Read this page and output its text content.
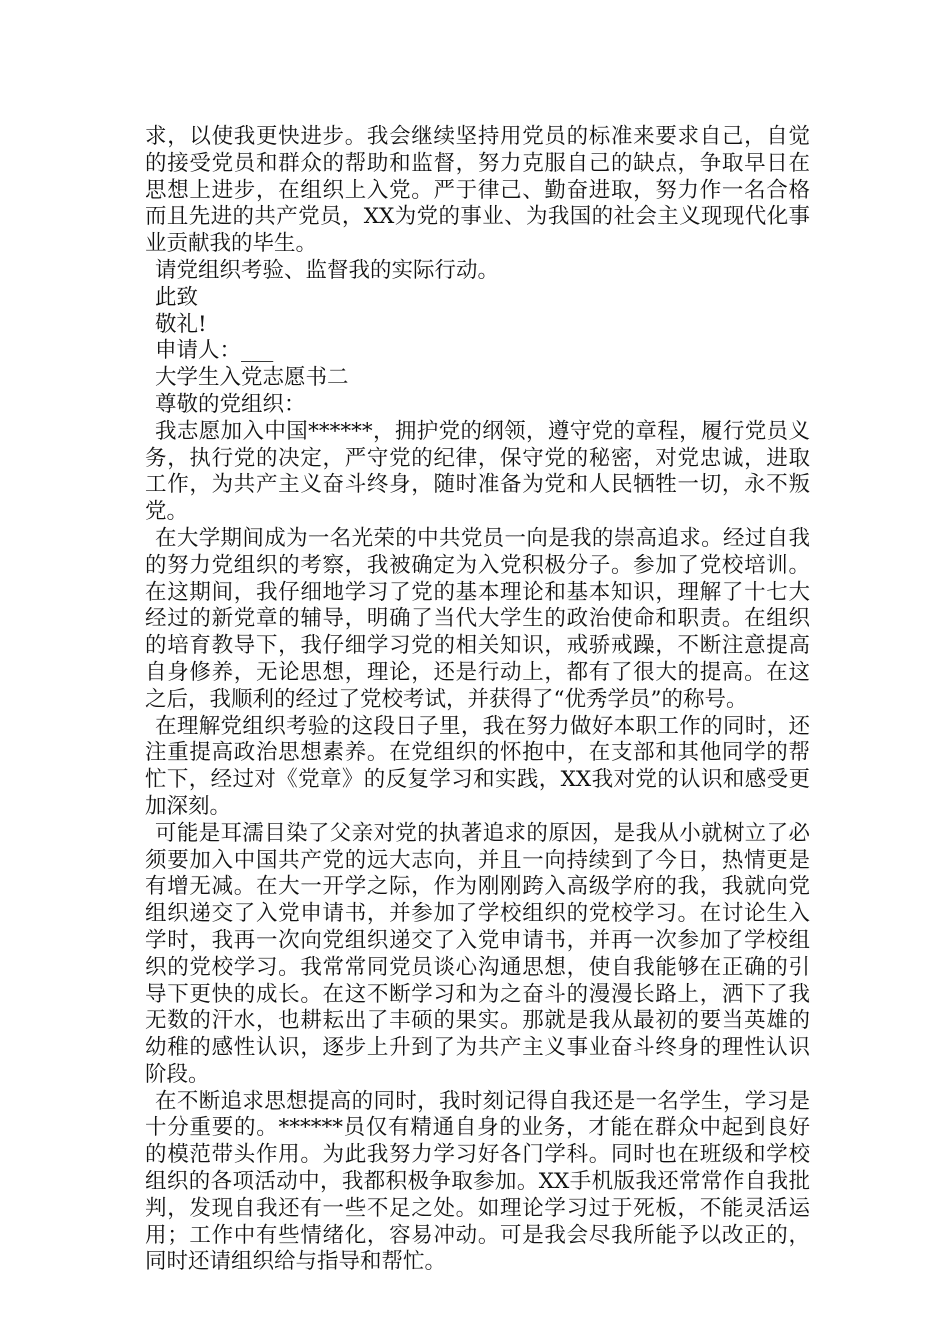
求，以使我更快进步。我会继续坚持用党员的标准来要求自己，自觉的接受党员和群众的帮助和监督，努力克服自己的缺点，争取早日在思想上进步，在组织上入党。严于律己、勤奋进取，努力作一名合格而且先进的共产党员，XX为党的事业、为我国的社会主义现现代化事业贡献我的毕生。

请党组织考验、监督我的实际行动。

此致

敬礼!

申请人：___

大学生入党志愿书二

尊敬的党组织：

我志愿加入中国******，拥护党的纲领，遵守党的章程，履行党员义务，执行党的决定，严守党的纪律，保守党的秘密，对党忠诚，进取工作，为共产主义奋斗终身，随时准备为党和人民牺牲一切，永不叛党。

在大学期间成为一名光荣的中共党员一向是我的崇高追求。经过自我的努力党组织的考察，我被确定为入党积极分子。参加了党校培训。在这期间，我仔细地学习了党的基本理论和基本知识，理解了十七大经过的新党章的辅导，明确了当代大学生的政治使命和职责。在组织的培育教导下，我仔细学习党的相关知识，戒骄戒躁，不断注意提高自身修养，无论思想，理论，还是行动上，都有了很大的提高。在这之后，我顺利的经过了党校考试，并获得了“优秀学员”的称号。

在理解党组织考验的这段日子里，我在努力做好本职工作的同时，还注重提高政治思想素养。在党组织的怀抱中，在支部和其他同学的帮忙下，经过对《党章》的反复学习和实践，XX我对党的认识和感受更加深刻。

可能是耳濡目染了父亲对党的执著追求的原因，是我从小就树立了必须要加入中国共产党的远大志向，并且一向持续到了今日，热情更是有增无减。在大一开学之际，作为刚刚跨入高级学府的我，我就向党组织递交了入党申请书，并参加了学校组织的党校学习。在讨论生入学时，我再一次向党组织递交了入党申请书，并再一次参加了学校组织的党校学习。我常常同党员谈心沟通思想，使自我能够在正确的引导下更快的成长。在这不断学习和为之奋斗的漫漫长路上，洒下了我无数的汗水，也耕耘出了丰硕的果实。那就是我从最初的要当英雄的幼稚的感性认识，逐步上升到了为共产主义事业奋斗终身的理性认识阶段。

在不断追求思想提高的同时，我时刻记得自我还是一名学生，学习是十分重要的。******员仅有精通自身的业务，才能在群众中起到良好的模范带头作用。为此我努力学习好各门学科。同时也在班级和学校组织的各项活动中，我都积极争取参加。XX手机版我还常常作自我批判，发现自我还有一些不足之处。如理论学习过于死板，不能灵活运用；工作中有些情绪化，容易冲动。可是我会尽我所能予以改正的，同时还请组织给与指导和帮忙。
